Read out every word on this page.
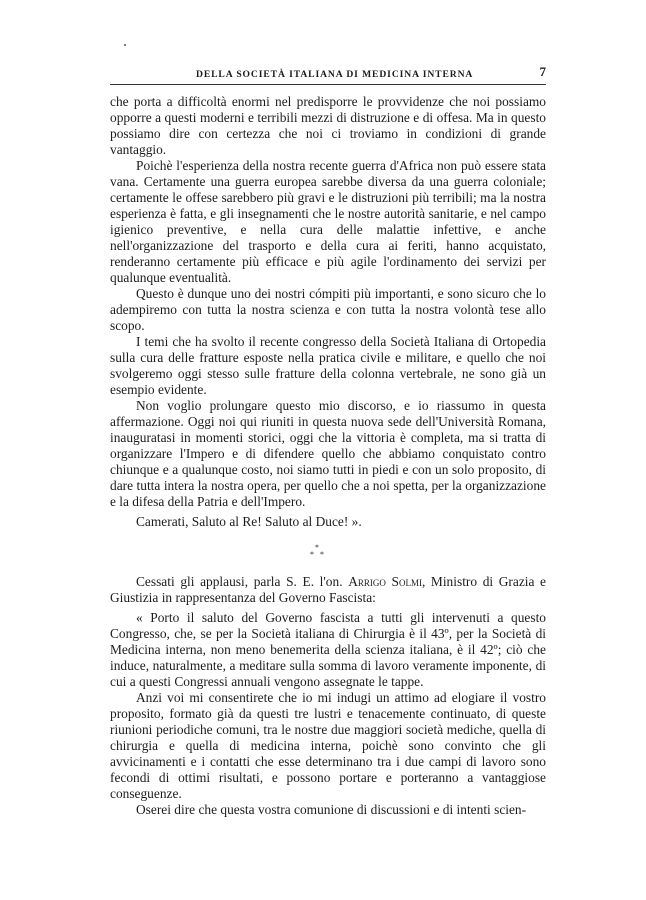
DELLA SOCIETÀ ITALIANA DI MEDICINA INTERNA	7

che porta a difficoltà enormi nel predisporre le provvidenze che noi possiamo opporre a questi moderni e terribili mezzi di distruzione e di offesa. Ma in questo possiamo dire con certezza che noi ci troviamo in condizioni di grande vantaggio.

Poichè l'esperienza della nostra recente guerra d'Africa non può essere stata vana. Certamente una guerra europea sarebbe diversa da una guerra coloniale; certamente le offese sarebbero più gravi e le distruzioni più terribili; ma la nostra esperienza è fatta, e gli insegnamenti che le nostre autorità sanitarie, e nel campo igienico preventive, e nella cura delle malattie infettive, e anche nell'organizzazione del trasporto e della cura ai feriti, hanno acquistato, renderanno certamente più efficace e più agile l'ordinamento dei servizi per qualunque eventualità.

Questo è dunque uno dei nostri cómpiti più importanti, e sono sicuro che lo adempiremo con tutta la nostra scienza e con tutta la nostra volontà tese allo scopo.

I temi che ha svolto il recente congresso della Società Italiana di Ortopedia sulla cura delle fratture esposte nella pratica civile e militare, e quello che noi svolgeremo oggi stesso sulle fratture della colonna vertebrale, ne sono già un esempio evidente.

Non voglio prolungare questo mio discorso, e io riassumo in questa affermazione. Oggi noi qui riuniti in questa nuova sede dell'Università Romana, inauguratasi in momenti storici, oggi che la vittoria è completa, ma si tratta di organizzare l'Impero e di difendere quello che abbiamo conquistato contro chiunque e a qualunque costo, noi siamo tutti in piedi e con un solo proposito, di dare tutta intera la nostra opera, per quello che a noi spetta, per la organizzazione e la difesa della Patria e dell'Impero.

Camerati, Saluto al Re! Saluto al Duce! ».

*
* *

Cessati gli applausi, parla S. E. l'on. Arrigo Solmi, Ministro di Grazia e Giustizia in rappresentanza del Governo Fascista:

« Porto il saluto del Governo fascista a tutti gli intervenuti a questo Congresso, che, se per la Società italiana di Chirurgia è il 43º, per la Società di Medicina interna, non meno benemerita della scienza italiana, è il 42º; ciò che induce, naturalmente, a meditare sulla somma di lavoro veramente imponente, di cui a questi Congressi annuali vengono assegnate le tappe.

Anzi voi mi consentirete che io mi indugi un attimo ad elogiare il vostro proposito, formato già da questi tre lustri e tenacemente continuato, di queste riunioni periodiche comuni, tra le nostre due maggiori società mediche, quella di chirurgia e quella di medicina interna, poichè sono convinto che gli avvicinamenti e i contatti che esse determinano tra i due campi di lavoro sono fecondi di ottimi risultati, e possono portare e porteranno a vantaggiose conseguenze.

Oserei dire che questa vostra comunione di discussioni e di intenti scien-
